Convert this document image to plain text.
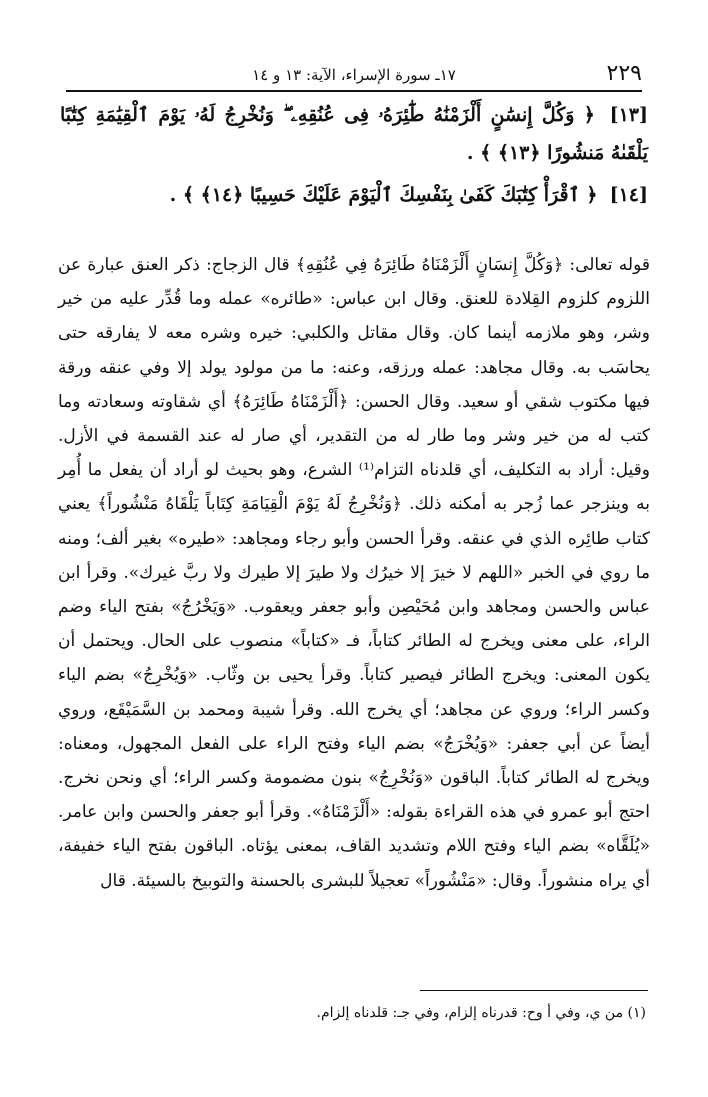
٢٢٩
١٧ـ سورة الإسراء، الآية: ١٣ و ١٤
[١٣] ﴿ وَكُلَّ إِنسَٰنٍ أَلْزَمْنَٰهُ طَٰٓئِرَهُۥ فِى عُنُقِهِۦ ۖ وَنُخْرِجُ لَهُۥ يَوْمَ ٱلْقِيَٰمَةِ كِتَٰبًا يَلْقَىٰهُ مَنشُورًا ﴿١٣﴾ ﴾ .
[١٤] ﴿ ٱقْرَأْ كِتَٰبَكَ كَفَىٰ بِنَفْسِكَ ٱلْيَوْمَ عَلَيْكَ حَسِيبًا ﴿١٤﴾ ﴾ .

قوله تعالى: ﴿وَكُلَّ إِنسَانٍ أَلْزَمْنَاهُ طَائِرَهُ فِي عُنُقِهِ﴾ قال الزجاج: ذكر العنق عبارة عن اللزوم كلزوم القِلادة للعنق. وقال ابن عباس: «طائره» عمله وما قُدِّر عليه من خير وشر، وهو ملازمه أينما كان. وقال مقاتل والكلبي: خيره وشره معه لا يفارقه حتى يحاسَب به. وقال مجاهد: عمله ورزقه، وعنه: ما من مولود يولد إلا وفي عنقه ورقة فيها مكتوب شقي أو سعيد. وقال الحسن: ﴿أَلْزَمْنَاهُ طَائِرَهُ﴾ أي شقاوته وسعادته وما كتب له من خير وشر وما طار له من التقدير، أي صار له عند القسمة في الأزل. وقيل: أراد به التكليف، أي قلدناه التزام⁽¹⁾ الشرع، وهو بحيث لو أراد أن يفعل ما أُمِر به وينزجر عما زُجر به أمكنه ذلك. ﴿وَنُخْرِجُ لَهُ يَوْمَ الْقِيَامَةِ كِتَاباً يَلْقَاهُ مَنْشُوراً﴾ يعني كتاب طائِره الذي في عنقه. وقرأ الحسن وأبو رجاء ومجاهد: «طيره» بغير ألف؛ ومنه ما روي في الخبر «اللهم لا خيرَ إلا خيرُك ولا طيرَ إلا طيرك ولا ربَّ غيرك». وقرأ ابن عباس والحسن ومجاهد وابن مُحَيْصِن وأبو جعفر ويعقوب. «وَيَخْرُجُ» بفتح الياء وضم الراء، على معنى ويخرج له الطائر كتاباً، فـ «كتاباً» منصوب على الحال. ويحتمل أن يكون المعنى: ويخرج الطائر فيصير كتاباً. وقرأ يحيى بن وثّاب. «وَيُخْرِجُ» بضم الياء وكسر الراء؛ وروي عن مجاهد؛ أي يخرج الله. وقرأ شيبة ومحمد بن السَّمَيْقَع، وروي أيضاً عن أبي جعفر: «وَيُخْرَجُ» بضم الياء وفتح الراء على الفعل المجهول، ومعناه: ويخرج له الطائر كتاباً. الباقون «وَنُخْرِجُ» بنون مضمومة وكسر الراء؛ أي ونحن نخرج. احتج أبو عمرو في هذه القراءة بقوله: «أَلْزَمْنَاهُ». وقرأ أبو جعفر والحسن وابن عامر. «يُلَقَّاه» بضم الياء وفتح اللام وتشديد القاف، بمعنى يؤتاه. الباقون بفتح الياء خفيفة، أي يراه منشوراً. وقال: «مَنْشُوراً» تعجيلاً للبشرى بالحسنة والتوبيخ بالسيئة. قال

(١) من ي، وفي أ وح: قدرناه إلزام، وفي جـ: قلدناه إلزام.
